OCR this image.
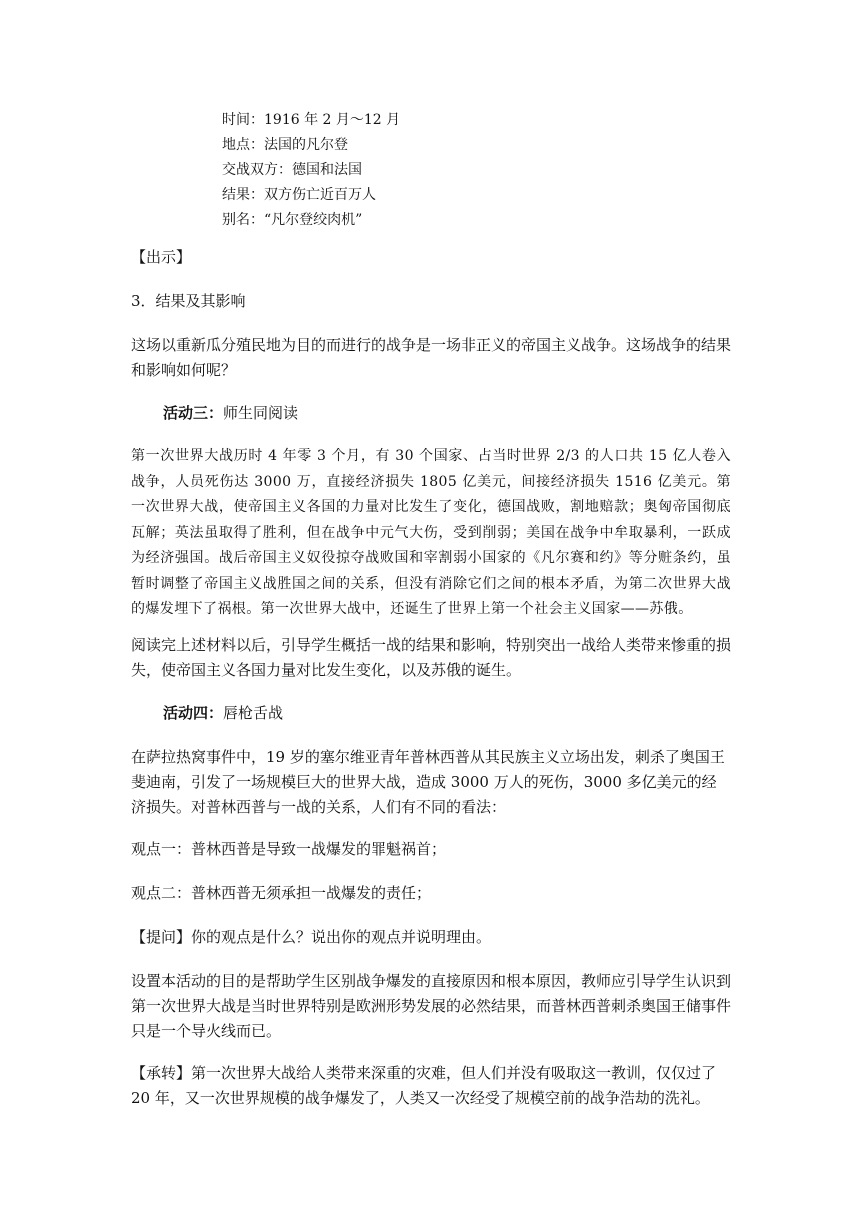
时间：1916 年 2 月～12 月
地点：法国的凡尔登
交战双方：德国和法国
结果：双方伤亡近百万人
别名：“凡尔登绞肉机”
【出示】
3．结果及其影响
这场以重新瓜分殖民地为目的而进行的战争是一场非正义的帝国主义战争。这场战争的结果和影响如何呢？
活动三：师生同阅读
第一次世界大战历时 4 年零 3 个月，有 30 个国家、占当时世界 2/3 的人口共 15 亿人卷入战争，人员死伤达 3000 万，直接经济损失 1805 亿美元，间接经济损失 1516 亿美元。第一次世界大战，使帝国主义各国的力量对比发生了变化，德国战败，割地赔款；奥匈帝国彻底瓦解；英法虽取得了胜利，但在战争中元气大伤，受到削弱；美国在战争中牟取暴利，一跃成为经济强国。战后帝国主义奴役掠夺战败国和宰割弱小国家的《凡尔赛和约》等分赃条约，虽暂时调整了帝国主义战胜国之间的关系，但没有消除它们之间的根本矛盾，为第二次世界大战的爆发埋下了祸根。第一次世界大战中，还诞生了世界上第一个社会主义国家——苏俄。
阅读完上述材料以后，引导学生概括一战的结果和影响，特别突出一战给人类带来惨重的损失，使帝国主义各国力量对比发生变化，以及苏俄的诞生。
活动四：唇枪舌战
在萨拉热窝事件中，19 岁的塞尔维亚青年普林西普从其民族主义立场出发，刺杀了奥国王斐迪南，引发了一场规模巨大的世界大战，造成 3000 万人的死伤，3000 多亿美元的经济损失。对普林西普与一战的关系，人们有不同的看法：
观点一：普林西普是导致一战爆发的罪魁祸首；
观点二：普林西普无须承担一战爆发的责任；
【提问】你的观点是什么？说出你的观点并说明理由。
设置本活动的目的是帮助学生区别战争爆发的直接原因和根本原因，教师应引导学生认识到第一次世界大战是当时世界特别是欧洲形势发展的必然结果，而普林西普刺杀奥国王储事件只是一个导火线而已。
【承转】第一次世界大战给人类带来深重的灾难，但人们并没有吸取这一教训，仅仅过了 20 年，又一次世界规模的战争爆发了，人类又一次经受了规模空前的战争浩劫的洗礼。
